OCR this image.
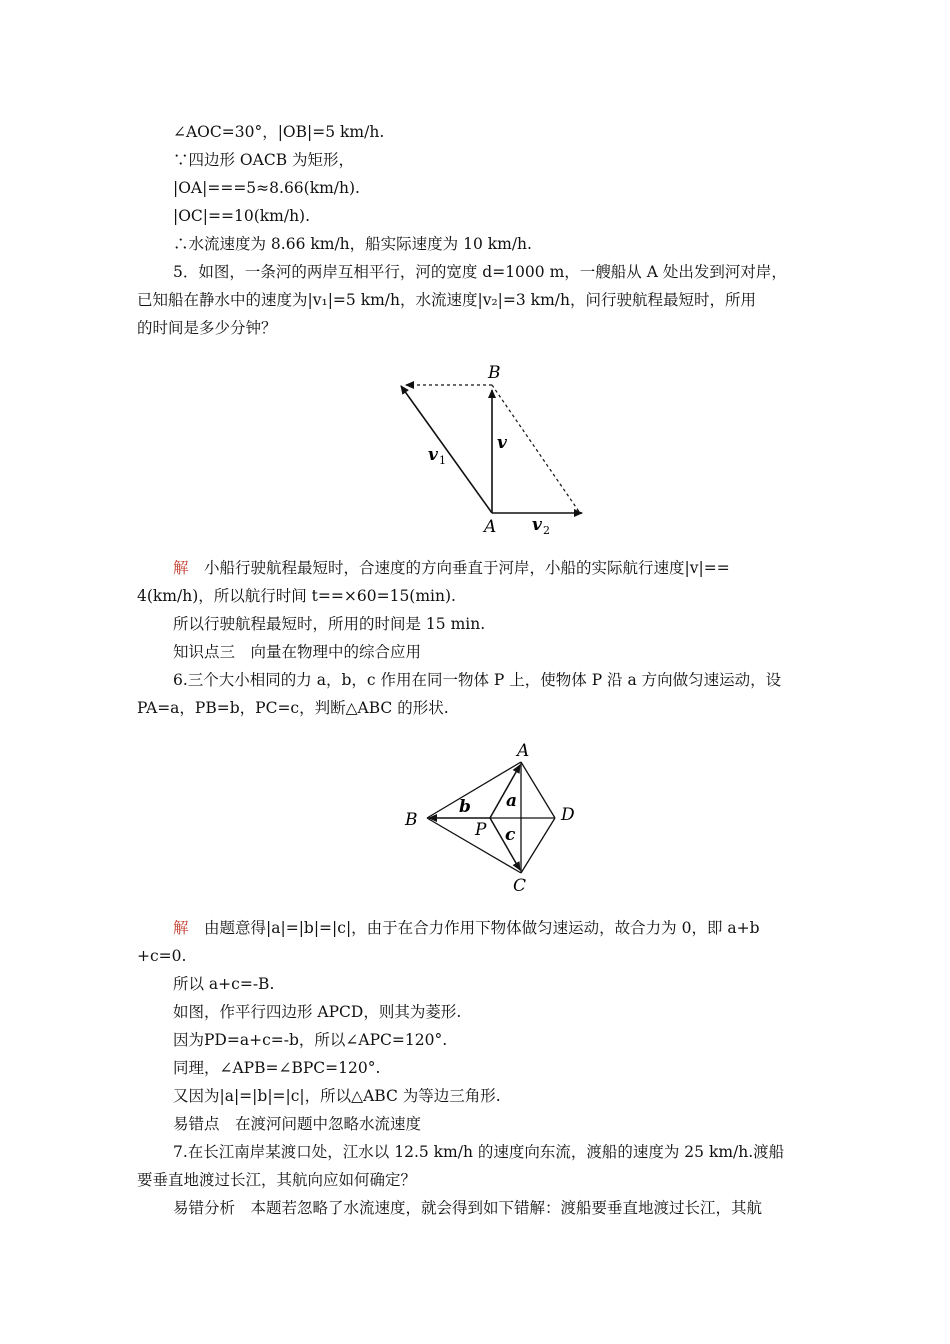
∠AOC=30°，|OB|=5 km/h.
∵四边形 OACB 为矩形，
|OA|===5≈8.66(km/h).
|OC|==10(km/h).
∴水流速度为 8.66 km/h，船实际速度为 10 km/h.
5．如图，一条河的两岸互相平行，河的宽度 d=1000 m，一艘船从 A 处出发到河对岸，
已知船在静水中的速度为|v₁|=5 km/h，水流速度|v₂|=3 km/h，问行驶航程最短时，所用
的时间是多少分钟？
B
A
v
v 1
v 2
解　小船行驶航程最短时，合速度的方向垂直于河岸，小船的实际航行速度|v|==
4(km/h)，所以航行时间 t==×60=15(min).
所以行驶航程最短时，所用的时间是 15 min.
知识点三　向量在物理中的综合应用
6.三个大小相同的力 a，b，c 作用在同一物体 P 上，使物体 P 沿 a 方向做匀速运动，设
PA=a，PB=b，PC=c，判断△ABC 的形状.
A
B
C
D
P
a
b
c
解　由题意得|a|=|b|=|c|，由于在合力作用下物体做匀速运动，故合力为 0，即 a+b
+c=0.
所以 a+c=-B.
如图，作平行四边形 APCD，则其为菱形.
因为PD=a+c=-b，所以∠APC=120°.
同理，∠APB=∠BPC=120°.
又因为|a|=|b|=|c|，所以△ABC 为等边三角形.
易错点　在渡河问题中忽略水流速度
7.在长江南岸某渡口处，江水以 12.5 km/h 的速度向东流，渡船的速度为 25 km/h.渡船
要垂直地渡过长江，其航向应如何确定？
易错分析　本题若忽略了水流速度，就会得到如下错解：渡船要垂直地渡过长江，其航
